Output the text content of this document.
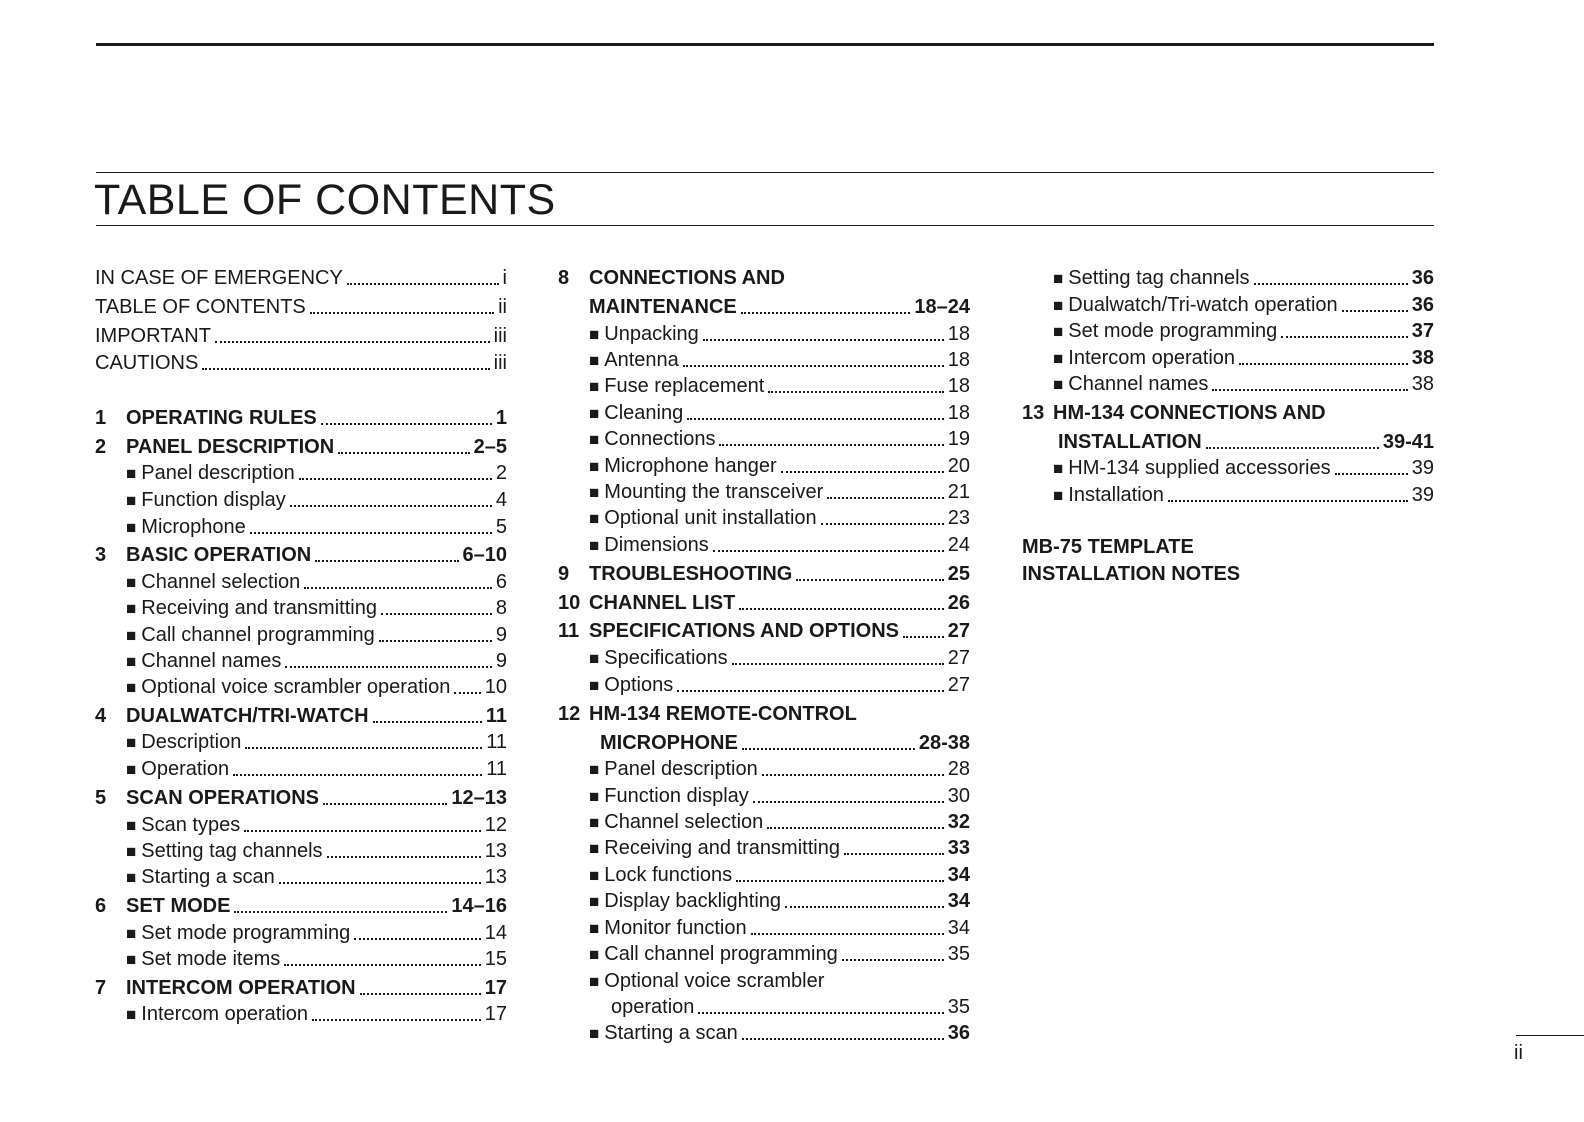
TABLE OF CONTENTS
IN CASE OF EMERGENCY	i
TABLE OF CONTENTS	ii
IMPORTANT	iii
CAUTIONS	iii
1 OPERATING RULES	1
2 PANEL DESCRIPTION	2–5
■ Panel description	2
■ Function display	4
■ Microphone	5
3 BASIC OPERATION	6–10
■ Channel selection	6
■ Receiving and transmitting	8
■ Call channel programming	9
■ Channel names	9
■ Optional voice scrambler operation 10
4 DUALWATCH/TRI-WATCH	11
■ Description	11
■ Operation	11
5 SCAN OPERATIONS	12–13
■ Scan types	12
■ Setting tag channels	13
■ Starting a scan	13
6 SET MODE	14–16
■ Set mode programming	14
■ Set mode items	15
7 INTERCOM OPERATION	17
■ Intercom operation	17
8 CONNECTIONS AND
MAINTENANCE	18–24
■ Unpacking	18
■ Antenna	18
■ Fuse replacement	18
■ Cleaning	18
■ Connections	19
■ Microphone hanger	20
■ Mounting the transceiver	21
■ Optional unit installation	23
■ Dimensions	24
9 TROUBLESHOOTING	25
10 CHANNEL LIST	26
11 SPECIFICATIONS AND OPTIONS 27
■ Specifications	27
■ Options	27
12 HM-134 REMOTE-CONTROL
MICROPHONE	28-38
■ Panel description	28
■ Function display	30
■ Channel selection	32
■ Receiving and transmitting	33
■ Lock functions	34
■ Display backlighting	34
■ Monitor function	34
■ Call channel programming	35
■ Optional voice scrambler
operation	35
■ Starting a scan	36
■ Setting tag channels	36
■ Dualwatch/Tri-watch operation	36
■ Set mode programming	37
■ Intercom operation	38
■ Channel names	38
13 HM-134 CONNECTIONS AND
INSTALLATION	39-41
■ HM-134 supplied accessories	39
■ Installation	39
MB-75 TEMPLATE
INSTALLATION NOTES
ii
